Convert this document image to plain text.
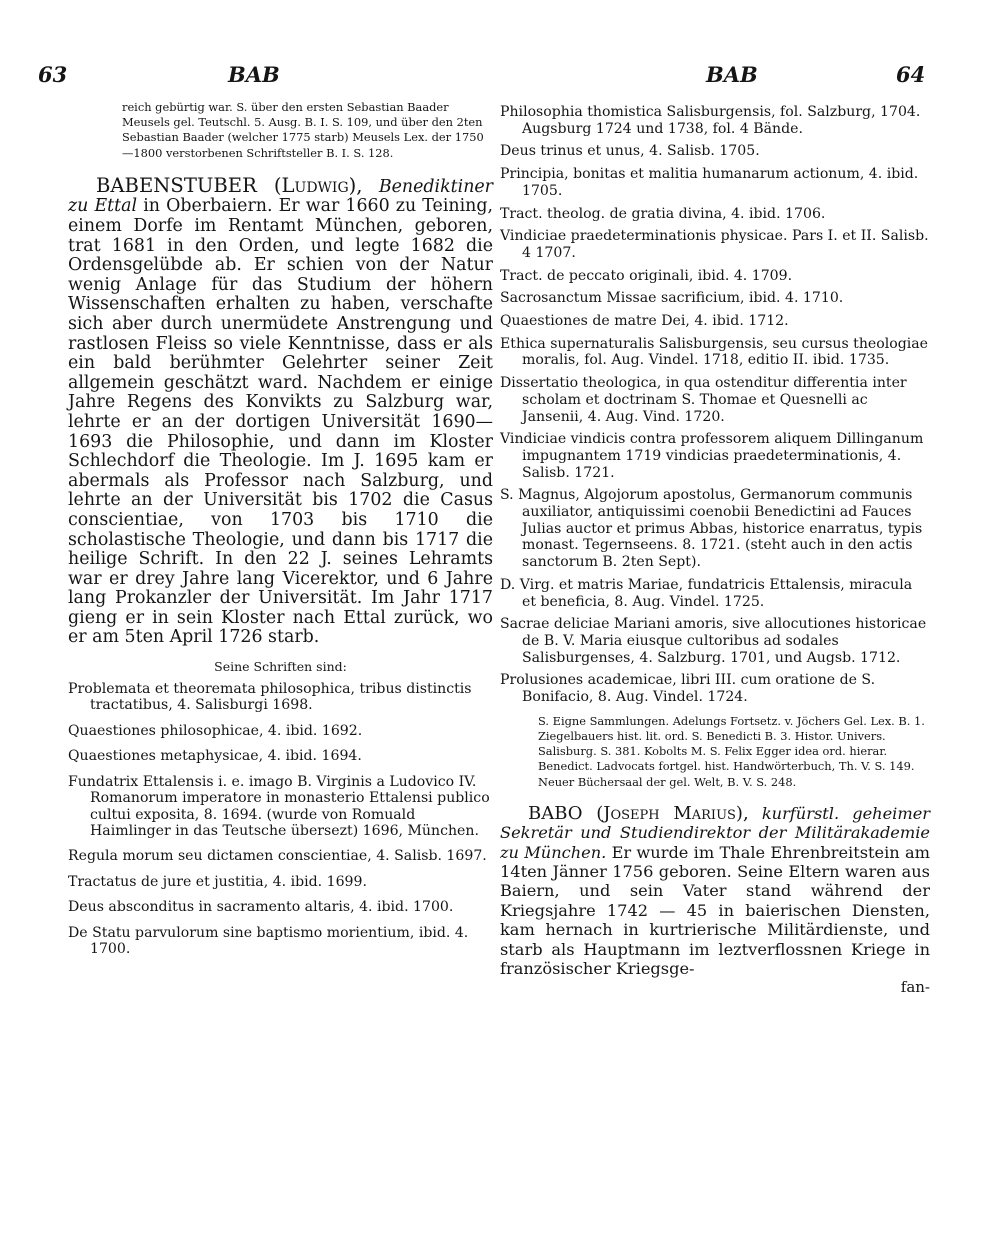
63	BAB	BAB	64

reich gebürtig war. S. über den ersten Sebastian Baader Meusels gel. Teutschl. 5. Ausg. B. I. S. 109, und über den 2ten Sebastian Baader (welcher 1775 starb) Meusels Lex. der 1750—1800 verstorbenen Schriftsteller B. I. S. 128.

BABENSTUBER (Ludwig), Benediktiner zu Ettal in Oberbaiern. Er war 1660 zu Teining, einem Dorfe im Rentamt München, geboren, trat 1681 in den Orden, und legte 1682 die Ordensgelübde ab. Er schien von der Natur wenig Anlage für das Studium der höhern Wissenschaften erhalten zu haben, verschafte sich aber durch unermüdete Anstrengung und rastlosen Fleiss so viele Kenntnisse, dass er als ein bald berühmter Gelehrter seiner Zeit allgemein geschätzt ward. Nachdem er einige Jahre Regens des Konvikts zu Salzburg war, lehrte er an der dortigen Universität 1690—1693 die Philosophie, und dann im Kloster Schlechdorf die Theologie. Im J. 1695 kam er abermals als Professor nach Salzburg, und lehrte an der Universität bis 1702 die Casus conscientiae, von 1703 bis 1710 die scholastische Theologie, und dann bis 1717 die heilige Schrift. In den 22 J. seines Lehramts war er drey Jahre lang Vicerektor, und 6 Jahre lang Prokanzler der Universität. Im Jahr 1717 gieng er in sein Kloster nach Ettal zurück, wo er am 5ten April 1726 starb.

Seine Schriften sind:

Problemata et theoremata philosophica, tribus distinctis tractatibus, 4. Salisburgi 1698.

Quaestiones philosophicae, 4. ibid. 1692.

Quaestiones metaphysicae, 4. ibid. 1694.

Fundatrix Ettalensis i. e. imago B. Virginis a Ludovico IV. Romanorum imperatore in monasterio Ettalensi publico cultui exposita, 8. 1694. (wurde von Romuald Haimlinger in das Teutsche übersezt) 1696, München.

Regula morum seu dictamen conscientiae, 4. Salisb. 1697.

Tractatus de jure et justitia, 4. ibid. 1699.

Deus absconditus in sacramento altaris, 4. ibid. 1700.

De Statu parvulorum sine baptismo morientium, ibid. 4. 1700.

Philosophia thomistica Salisburgensis, fol. Salzburg, 1704. Augsburg 1724 und 1738, fol. 4 Bände.

Deus trinus et unus, 4. Salisb. 1705.

Principia, bonitas et malitia humanarum actionum, 4. ibid. 1705.

Tract. theolog. de gratia divina, 4. ibid. 1706.

Vindiciae praedeterminationis physicae. Pars I. et II. Salisb. 4 1707.

Tract. de peccato originali, ibid. 4. 1709.

Sacrosanctum Missae sacrificium, ibid. 4. 1710.

Quaestiones de matre Dei, 4. ibid. 1712.

Ethica supernaturalis Salisburgensis, seu cursus theologiae moralis, fol. Aug. Vindel. 1718, editio II. ibid. 1735.

Dissertatio theologica, in qua ostenditur differentia inter scholam et doctrinam S. Thomae et Quesnelli ac Jansenii, 4. Aug. Vind. 1720.

Vindiciae vindicis contra professorem aliquem Dillinganum impugnantem 1719 vindicias praedeterminationis, 4. Salisb. 1721.

S. Magnus, Algojorum apostolus, Germanorum communis auxiliator, antiquissimi coenobii Benedictini ad Fauces Julias auctor et primus Abbas, historice enarratus, typis monast. Tegernseens. 8. 1721. (steht auch in den actis sanctorum B. 2ten Sept).

D. Virg. et matris Mariae, fundatricis Ettalensis, miracula et beneficia, 8. Aug. Vindel. 1725.

Sacrae deliciae Mariani amoris, sive allocutiones historicae de B. V. Maria eiusque cultoribus ad sodales Salisburgenses, 4. Salzburg. 1701, und Augsb. 1712.

Prolusiones academicae, libri III. cum oratione de S. Bonifacio, 8. Aug. Vindel. 1724.

S. Eigne Sammlungen. Adelungs Fortsetz. v. Jöchers Gel. Lex. B. 1. Ziegelbauers hist. lit. ord. S. Benedicti B. 3. Histor. Univers. Salisburg. S. 381. Kobolts M. S. Felix Egger idea ord. hierar. Benedict. Ladvocats fortgel. hist. Handwörterbuch, Th. V. S. 149. Neuer Büchersaal der gel. Welt, B. V. S. 248.

BABO (Joseph Marius), kurfürstl. geheimer Sekretär und Studiendirektor der Militärakademie zu München. Er wurde im Thale Ehrenbreitstein am 14ten Jänner 1756 geboren. Seine Eltern waren aus Baiern, und sein Vater stand während der Kriegsjahre 1742 — 45 in baierischen Diensten, kam hernach in kurtrierische Militärdienste, und starb als Hauptmann im leztverflossnen Kriege in französischer Kriegsge-

fan-
